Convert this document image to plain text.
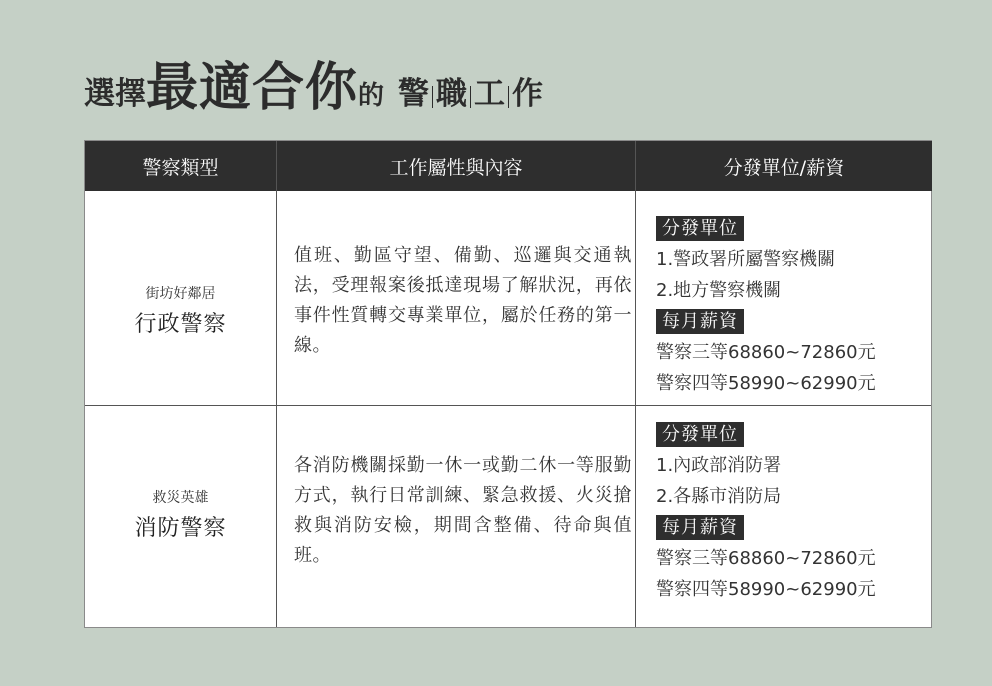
選擇 最適合你 的 警 職 工 作
警察類型	工作屬性與內容	分發單位/薪資
街坊好鄰居
行政警察
值班、勤區守望、備勤、巡邏與交通執法，受理報案後抵達現場了解狀況，再依事件性質轉交專業單位，屬於任務的第一線。
分發單位
1.警政署所屬警察機關
2.地方警察機關
每月薪資
警察三等68860~72860元
警察四等58990~62990元
救災英雄
消防警察
各消防機關採勤一休一或勤二休一等服勤方式，執行日常訓練、緊急救援、火災搶救與消防安檢，期間含整備、待命與值班。
分發單位
1.內政部消防署
2.各縣市消防局
每月薪資
警察三等68860~72860元
警察四等58990~62990元
